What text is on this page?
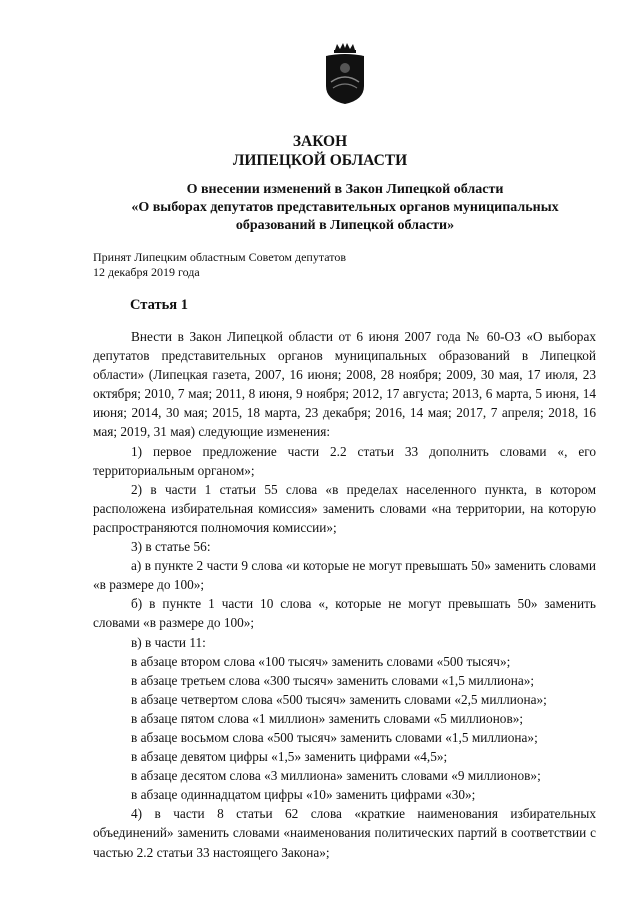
ЗАКОН
ЛИПЕЦКОЙ ОБЛАСТИ
О внесении изменений в Закон Липецкой области
«О выборах депутатов представительных органов муниципальных
образований в Липецкой области»
Принят Липецким областным Советом депутатов
12 декабря 2019 года
Статья 1

Внести в Закон Липецкой области от 6 июня 2007 года № 60-ОЗ «О выборах депутатов представительных органов муниципальных образований в Липецкой области» (Липецкая газета, 2007, 16 июня; 2008, 28 ноября; 2009, 30 мая, 17 июля, 23 октября; 2010, 7 мая; 2011, 8 июня, 9 ноября; 2012, 17 августа; 2013, 6 марта, 5 июня, 14 июня; 2014, 30 мая; 2015, 18 марта, 23 декабря; 2016, 14 мая; 2017, 7 апреля; 2018, 16 мая; 2019, 31 мая) следующие изменения:

1) первое предложение части 2.2 статьи 33 дополнить словами «, его территориальным органом»;

2) в части 1 статьи 55 слова «в пределах населенного пункта, в котором расположена избирательная комиссия» заменить словами «на территории, на которую распространяются полномочия комиссии»;

3) в статье 56:

а) в пункте 2 части 9 слова «и которые не могут превышать 50» заменить словами «в размере до 100»;

б) в пункте 1 части 10 слова «, которые не могут превышать 50» заменить словами «в размере до 100»;

в) в части 11:

в абзаце втором слова «100 тысяч» заменить словами «500 тысяч»;

в абзаце третьем слова «300 тысяч» заменить словами «1,5 миллиона»;

в абзаце четвертом слова «500 тысяч» заменить словами «2,5 миллиона»;

в абзаце пятом слова «1 миллион» заменить словами «5 миллионов»;

в абзаце восьмом слова «500 тысяч» заменить словами «1,5 миллиона»;

в абзаце девятом цифры «1,5» заменить цифрами «4,5»;

в абзаце десятом слова «3 миллиона» заменить словами «9 миллионов»;

в абзаце одиннадцатом цифры «10» заменить цифрами «30»;

4) в части 8 статьи 62 слова «краткие наименования избирательных объединений» заменить словами «наименования политических партий в соответствии с частью 2.2 статьи 33 настоящего Закона»;
